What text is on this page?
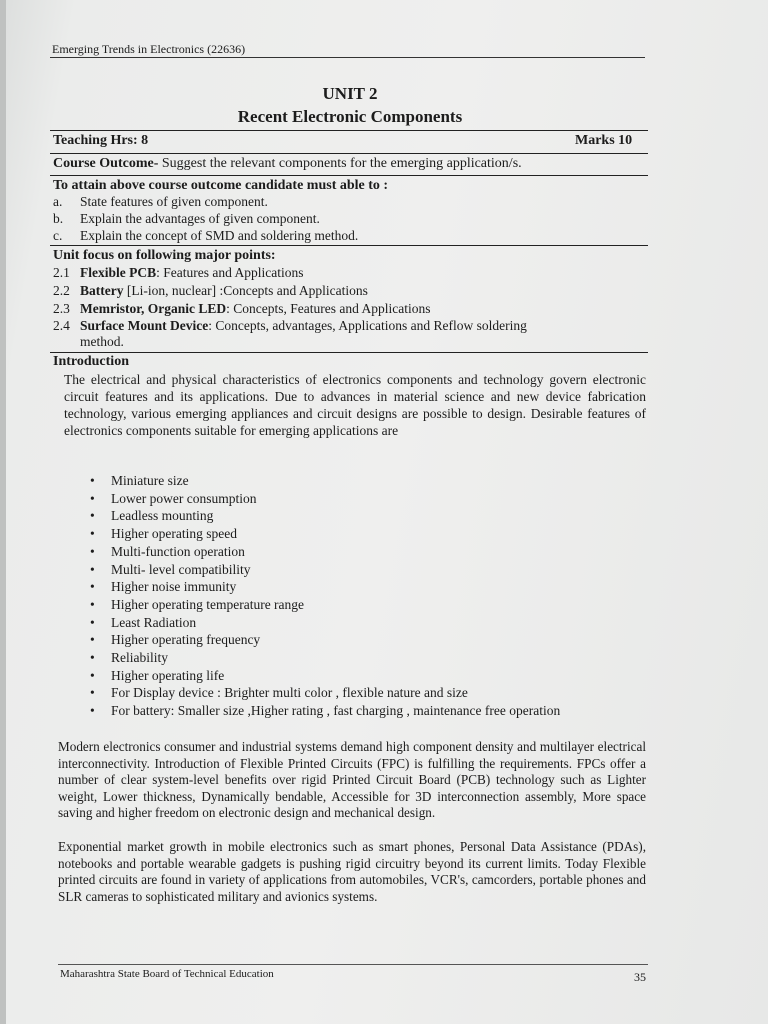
Emerging Trends in Electronics (22636)
UNIT 2
Recent Electronic Components
Teaching Hrs: 8	Marks 10
Course Outcome- Suggest the relevant components for the emerging application/s.
To attain above course outcome candidate must able to :
a. State features of given component.
b. Explain the advantages of given component.
c. Explain the concept of SMD and soldering method.
Unit focus on following major points:
2.1 Flexible PCB: Features and Applications
2.2 Battery [Li-ion, nuclear] :Concepts and Applications
2.3 Memristor, Organic LED: Concepts, Features and Applications
2.4 Surface Mount Device: Concepts, advantages, Applications and Reflow soldering
method.
Introduction
The electrical and physical characteristics of electronics components and technology govern electronic circuit features and its applications. Due to advances in material science and new device fabrication technology, various emerging appliances and circuit designs are possible to design. Desirable features of electronics components suitable for emerging applications are
• Miniature size
• Lower power consumption
• Leadless mounting
• Higher operating speed
• Multi-function operation
• Multi- level compatibility
• Higher noise immunity
• Higher operating temperature range
• Least Radiation
• Higher operating frequency
• Reliability
• Higher operating life
• For Display device : Brighter multi color , flexible nature and size
• For battery: Smaller size ,Higher rating , fast charging , maintenance free operation
Modern electronics consumer and industrial systems demand high component density and multilayer electrical interconnectivity. Introduction of Flexible Printed Circuits (FPC) is fulfilling the requirements. FPCs offer a number of clear system-level benefits over rigid Printed Circuit Board (PCB) technology such as Lighter weight, Lower thickness, Dynamically bendable, Accessible for 3D interconnection assembly, More space saving and higher freedom on electronic design and mechanical design.
Exponential market growth in mobile electronics such as smart phones, Personal Data Assistance (PDAs), notebooks and portable wearable gadgets is pushing rigid circuitry beyond its current limits. Today Flexible printed circuits are found in variety of applications from automobiles, VCR's, camcorders, portable phones and SLR cameras to sophisticated military and avionics systems.
Maharashtra State Board of Technical Education	35
